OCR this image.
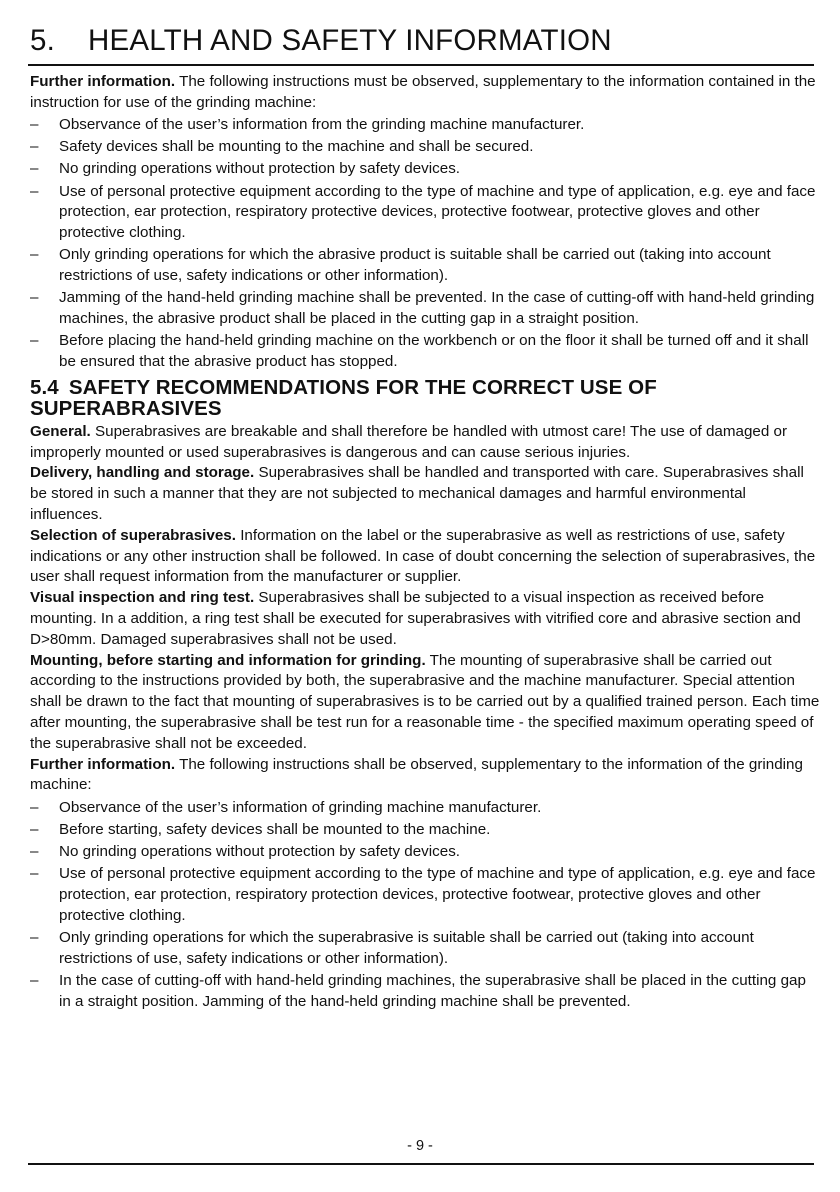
5. HEALTH AND SAFETY INFORMATION

Further information. The following instructions must be observed, supplementary to the information contained in the instruction for use of the grinding machine:

–	Observance of the user’s information from the grinding machine manufacturer.
–	Safety devices shall be mounting to the machine and shall be secured.
–	No grinding operations without protection by safety devices.
–	Use of personal protective equipment according to the type of machine and type of application, e.g. eye and face protection, ear protection, respiratory protective devices, protective footwear, protective gloves and other protective clothing.
–	Only grinding operations for which the abrasive product is suitable shall be carried out (taking into account restrictions of use, safety indications or other information).
–	Jamming of the hand-held grinding machine shall be prevented. In the case of cutting-off with hand-held grinding machines, the abrasive product shall be placed in the cutting gap in a straight position.
–	Before placing the hand-held grinding machine on the workbench or on the floor it shall be turned off and it shall be ensured that the abrasive product has stopped.
5.4 SAFETY RECOMMENDATIONS FOR THE CORRECT USE OF SUPERABRASIVES

General. Superabrasives are breakable and shall therefore be handled with utmost care! The use of damaged or improperly mounted or used superabrasives is dangerous and can cause serious injuries.

Delivery, handling and storage. Superabrasives shall be handled and transported with care. Superabrasives shall be stored in such a manner that they are not subjected to mechanical damages and harmful environmental influences.

Selection of superabrasives. Information on the label or the superabrasive as well as restrictions of use, safety indications or any other instruction shall be followed. In case of doubt concerning the selection of superabrasives, the user shall request information from the manufacturer or supplier.

Visual inspection and ring test. Superabrasives shall be subjected to a visual inspection as received before mounting. In a addition, a ring test shall be executed for superabrasives with vitrified core and abrasive section and D>80mm. Damaged superabrasives shall not be used.

Mounting, before starting and information for grinding. The mounting of superabrasive shall be carried out according to the instructions provided by both, the superabrasive and the machine manufacturer. Special attention shall be drawn to the fact that mounting of superabrasives is to be carried out by a qualified trained person. Each time after mounting, the superabrasive shall be test run for a reasonable time - the specified maximum operating speed of the superabrasive shall not be exceeded.

Further information. The following instructions shall be observed, supplementary to the information of the grinding machine:

–	Observance of the user’s information of grinding machine manufacturer.
–	Before starting, safety devices shall be mounted to the machine.
–	No grinding operations without protection by safety devices.
–	Use of personal protective equipment according to the type of machine and type of application, e.g. eye and face protection, ear protection, respiratory protection devices, protective footwear, protective gloves and other protective clothing.
–	Only grinding operations for which the superabrasive is suitable shall be carried out (taking into account restrictions of use, safety indications or other information).
–	In the case of cutting-off with hand-held grinding machines, the superabrasive shall be placed in the cutting gap in a straight position. Jamming of the hand-held grinding machine shall be prevented.
- 9 -
